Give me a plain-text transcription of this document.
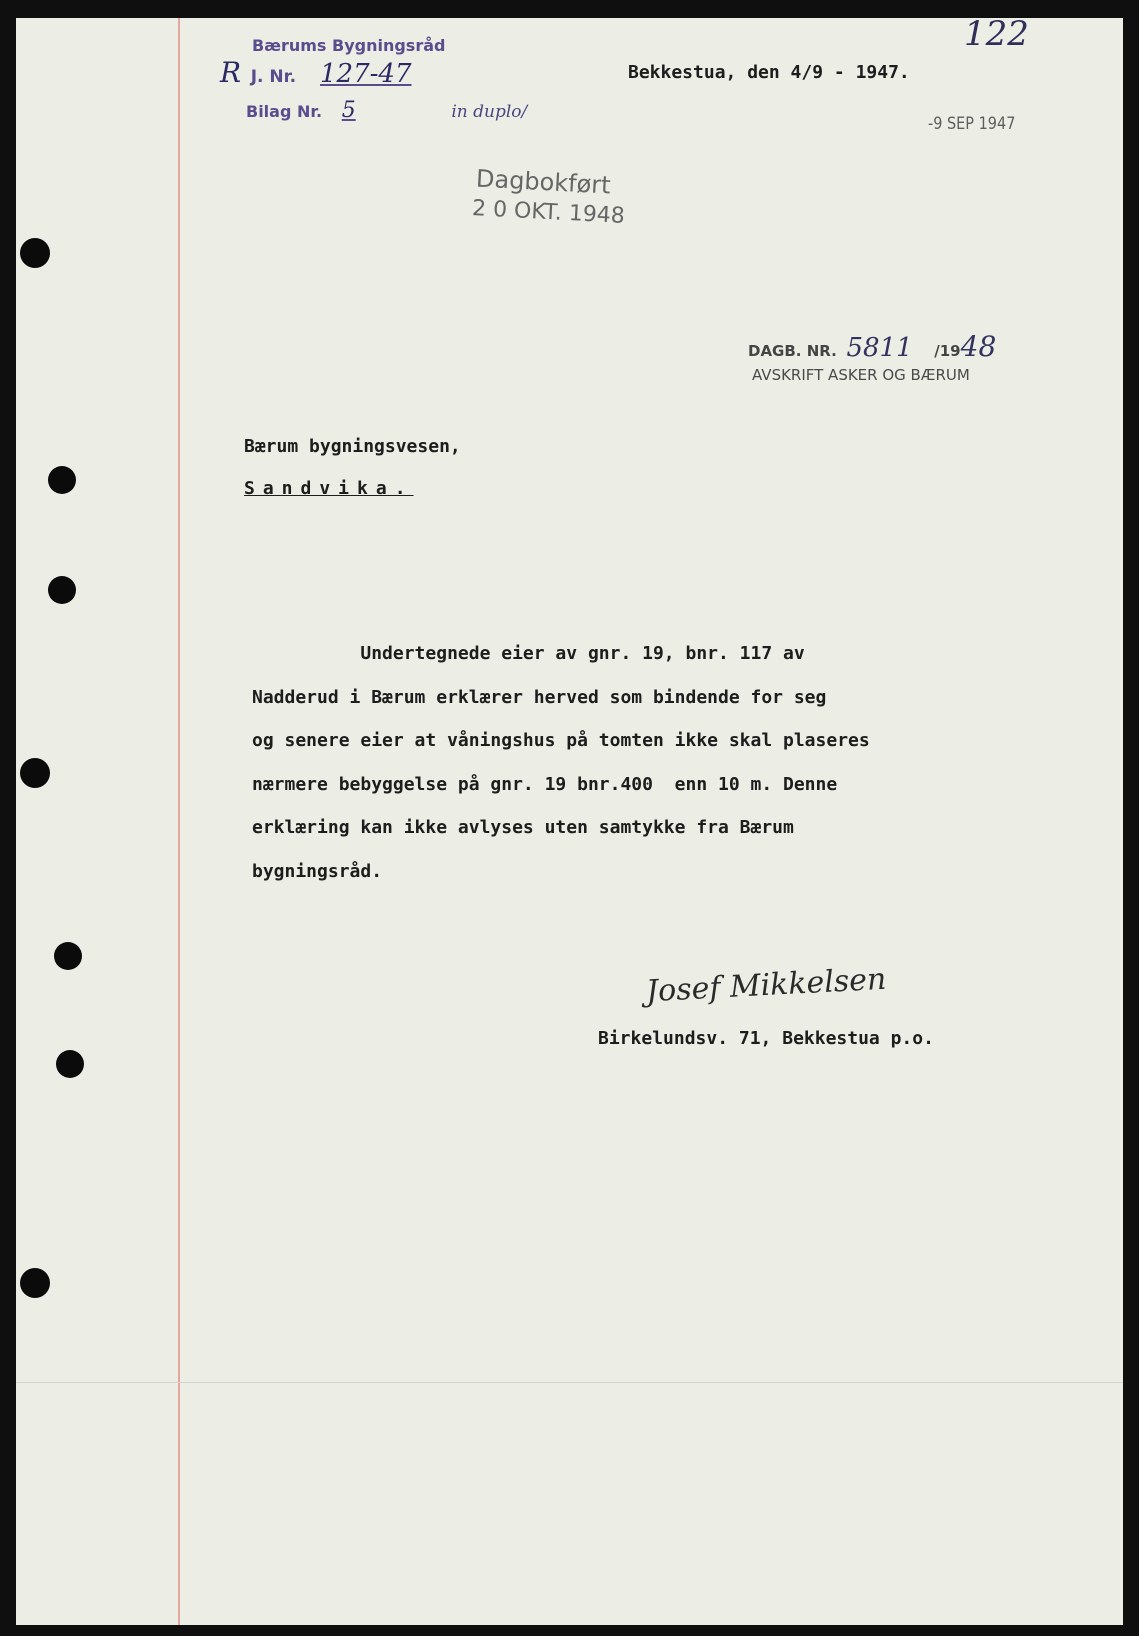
122
Bærums Bygningsråd
R J. Nr. 127-47
Bilag Nr. 5	in duplo/
Bekkestua, den 4/9 - 1947.
-9 SEP 1947
Dagbokført
2 0 OKT. 1948
DAGB. NR. 5811 /1948
AVSKRIFT ASKER OG BÆRUM
Bærum bygningsvesen,
Sandvika.

Undertegnede eier av gnr. 19, bnr. 117 av

Nadderud i Bærum erklærer herved som bindende for seg

og senere eier at våningshus på tomten ikke skal plaseres

nærmere bebyggelse på gnr. 19 bnr.400  enn 10 m. Denne

erklæring kan ikke avlyses uten samtykke fra Bærum

bygningsråd.

Josef Mikkelsen
Birkelundsv. 71, Bekkestua p.o.
